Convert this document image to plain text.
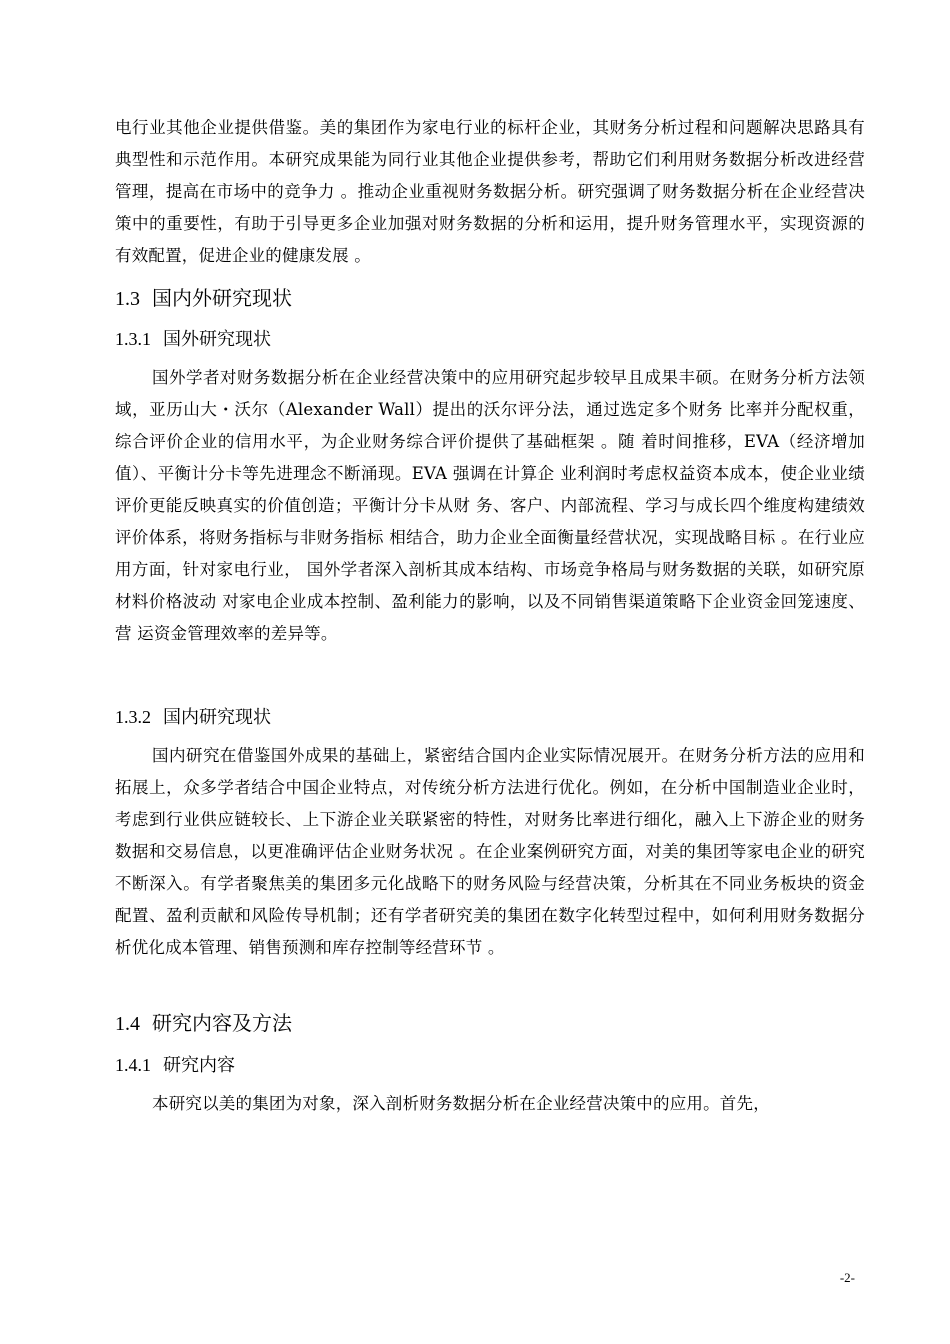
电行业其他企业提供借鉴。美的集团作为家电行业的标杆企业，其财务分析过程和问题解决思路具有典型性和示范作用。本研究成果能为同行业其他企业提供参考，帮助它们利用财务数据分析改进经营管理，提高在市场中的竞争力 。推动企业重视财务数据分析。研究强调了财务数据分析在企业经营决策中的重要性，有助于引导更多企业加强对财务数据的分析和运用，提升财务管理水平，实现资源的有效配置，促进企业的健康发展 。

1.3 国内外研究现状
1.3.1 国外研究现状

国外学者对财务数据分析在企业经营决策中的应用研究起步较早且成果丰硕。在财务分析方法领域，亚历山大・沃尔（Alexander Wall）提出的沃尔评分法，通过选定多个财务 比率并分配权重，综合评价企业的信用水平，为企业财务综合评价提供了基础框架 。随 着时间推移，EVA（经济增加值）、平衡计分卡等先进理念不断涌现。EVA 强调在计算企 业利润时考虑权益资本成本，使企业业绩评价更能反映真实的价值创造；平衡计分卡从财 务、客户、内部流程、学习与成长四个维度构建绩效评价体系，将财务指标与非财务指标 相结合，助力企业全面衡量经营状况，实现战略目标 。在行业应用方面，针对家电行业， 国外学者深入剖析其成本结构、市场竞争格局与财务数据的关联，如研究原材料价格波动 对家电企业成本控制、盈利能力的影响，以及不同销售渠道策略下企业资金回笼速度、营 运资金管理效率的差异等。

1.3.2 国内研究现状

国内研究在借鉴国外成果的基础上，紧密结合国内企业实际情况展开。在财务分析方法的应用和拓展上，众多学者结合中国企业特点，对传统分析方法进行优化。例如，在分析中国制造业企业时，考虑到行业供应链较长、上下游企业关联紧密的特性，对财务比率进行细化，融入上下游企业的财务数据和交易信息，以更准确评估企业财务状况 。在企业案例研究方面，对美的集团等家电企业的研究不断深入。有学者聚焦美的集团多元化战略下的财务风险与经营决策，分析其在不同业务板块的资金配置、盈利贡献和风险传导机制；还有学者研究美的集团在数字化转型过程中，如何利用财务数据分析优化成本管理、销售预测和库存控制等经营环节 。

1.4 研究内容及方法
1.4.1 研究内容

本研究以美的集团为对象，深入剖析财务数据分析在企业经营决策中的应用。首先，

-2-
